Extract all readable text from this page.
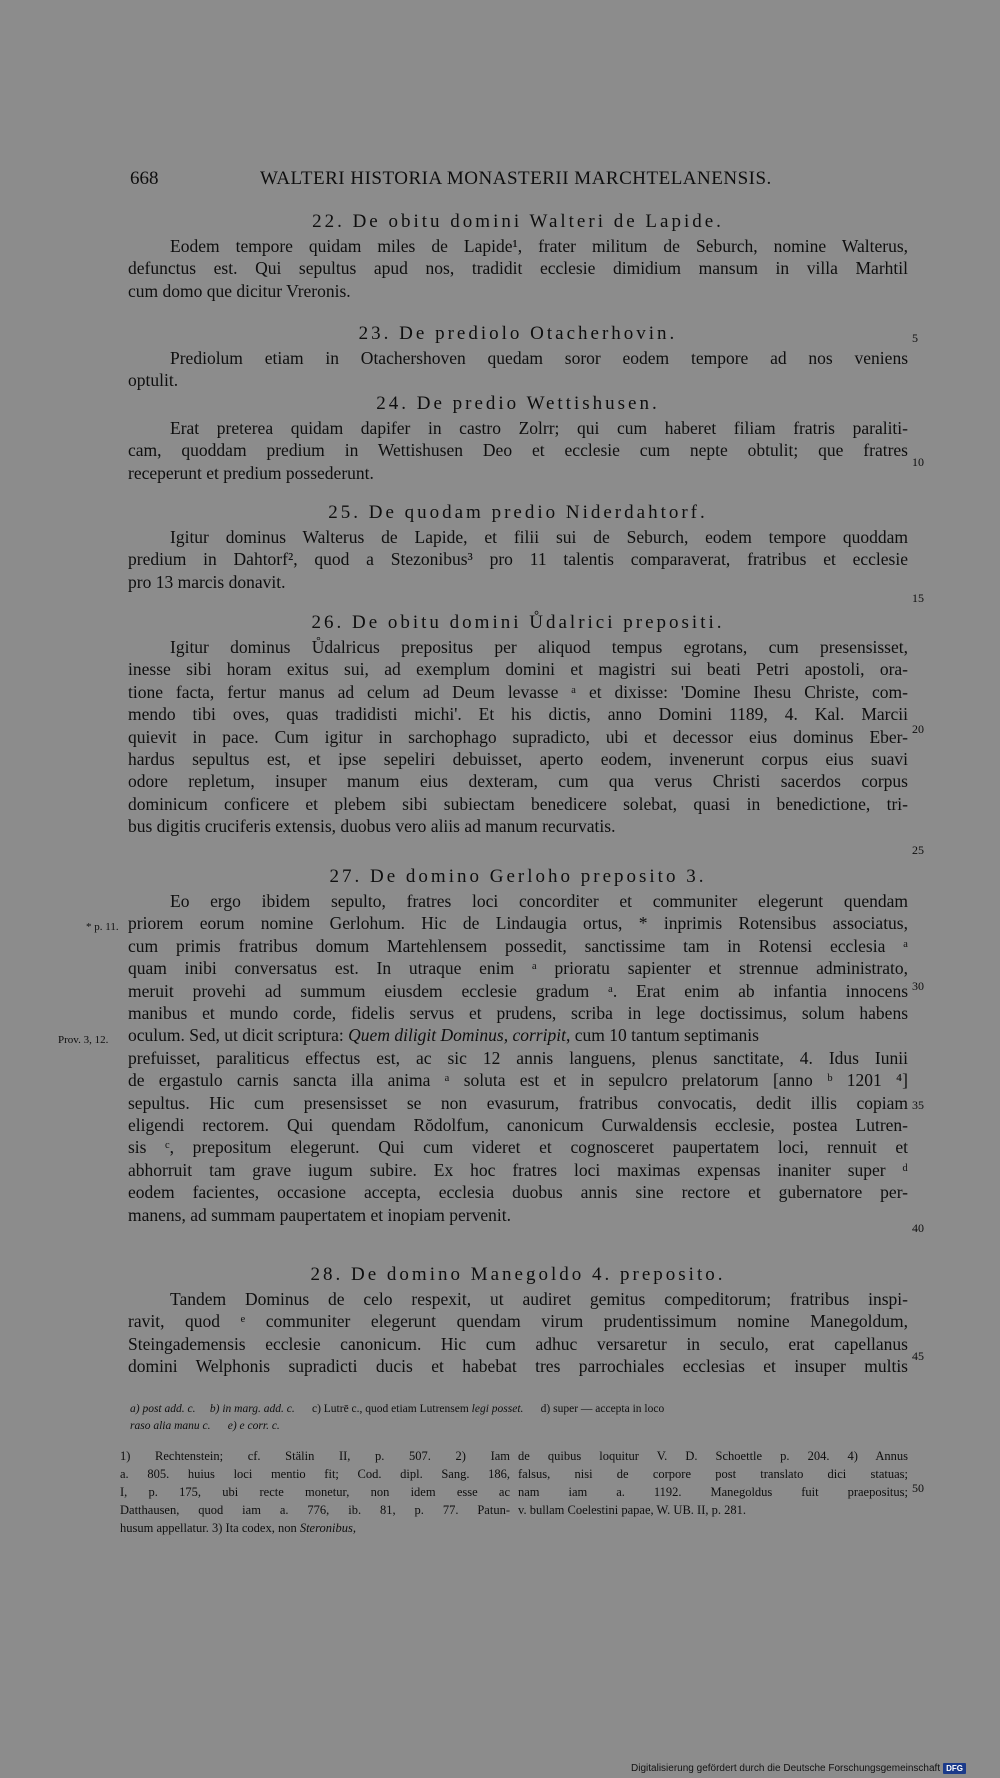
668	WALTERI HISTORIA MONASTERII MARCHTELANENSIS.
22. De obitu domini Walteri de Lapide.
Eodem tempore quidam miles de Lapide¹, frater militum de Seburch, nomine Walterus,
defunctus est. Qui sepultus apud nos, tradidit ecclesie dimidium mansum in villa Marhtil
cum domo que dicitur Vreronis.
23. De prediolo Otacherhovin.
Prediolum etiam in Otachershoven quedam soror eodem tempore ad nos veniens
optulit.
24. De predio Wettishusen.
Erat preterea quidam dapifer in castro Zolrr; qui cum haberet filiam fratris paraliti-
cam, quoddam predium in Wettishusen Deo et ecclesie cum nepte obtulit; que fratres
receperunt et predium possederunt.
25. De quodam predio Niderdahtorf.
Igitur dominus Walterus de Lapide, et filii sui de Seburch, eodem tempore quoddam
predium in Dahtorf², quod a Stezonibus³ pro 11 talentis comparaverat, fratribus et ecclesie
pro 13 marcis donavit.
26. De obitu domini Ůdalrici prepositi.
Igitur dominus Ůdalricus prepositus per aliquod tempus egrotans, cum presensisset,
inesse sibi horam exitus sui, ad exemplum domini et magistri sui beati Petri apostoli, ora-
tione facta, fertur manus ad celum ad Deum levasse ᵃ et dixisse: 'Domine Ihesu Christe, com-
mendo tibi oves, quas tradidisti michi'. Et his dictis, anno Domini 1189, 4. Kal. Marcii
quievit in pace. Cum igitur in sarchophago supradicto, ubi et decessor eius dominus Eber-
hardus sepultus est, et ipse sepeliri debuisset, aperto eodem, invenerunt corpus eius suavi
odore repletum, insuper manum eius dexteram, cum qua verus Christi sacerdos corpus
dominicum conficere et plebem sibi subiectam benedicere solebat, quasi in benedictione, tri-
bus digitis cruciferis extensis, duobus vero aliis ad manum recurvatis.
27. De domino Gerloho preposito 3.
Eo ergo ibidem sepulto, fratres loci concorditer et communiter elegerunt quendam
priorem eorum nomine Gerlohum. Hic de Lindaugia ortus, * inprimis Rotensibus associatus,
cum primis fratribus domum Martehlensem possedit, sanctissime tam in Rotensi ecclesia ᵃ
quam inibi conversatus est. In utraque enim ᵃ prioratu sapienter et strennue administrato,
meruit provehi ad summum eiusdem ecclesie gradum ᵃ. Erat enim ab infantia innocens
manibus et mundo corde, fidelis servus et prudens, scriba in lege doctissimus, solum habens
oculum. Sed, ut dicit scriptura: Quem diligit Dominus, corripit, cum 10 tantum septimanis
prefuisset, paraliticus effectus est, ac sic 12 annis languens, plenus sanctitate, 4. Idus Iunii
de ergastulo carnis sancta illa anima ᵃ soluta est et in sepulcro prelatorum [anno ᵇ 1201 ⁴]
sepultus. Hic cum presensisset se non evasurum, fratribus convocatis, dedit illis copiam
eligendi rectorem. Qui quendam Rŏdolfum, canonicum Curwaldensis ecclesie, postea Lutren-
sis ᶜ, prepositum elegerunt. Qui cum videret et cognosceret paupertatem loci, rennuit et
abhorruit tam grave iugum subire. Ex hoc fratres loci maximas expensas inaniter super ᵈ
eodem facientes, occasione accepta, ecclesia duobus annis sine rectore et gubernatore per-
manens, ad summam paupertatem et inopiam pervenit.
28. De domino Manegoldo 4. preposito.
Tandem Dominus de celo respexit, ut audiret gemitus compeditorum; fratribus inspi-
ravit, quod ᵉ communiter elegerunt quendam virum prudentissimum nomine Manegoldum,
Steingademensis ecclesie canonicum. Hic cum adhuc versaretur in seculo, erat capellanus
domini Welphonis supradicti ducis et habebat tres parrochiales ecclesias et insuper multis
5
10
15
20
25
30
35
40
45
50
* p. 11.
Prov. 3, 12.
a) post add. c. b) in marg. add. c. c) Lutrē c., quod etiam Lutrensem legi posset. d) super — accepta in loco
raso alia manu c. e) e corr. c.
1) Rechtenstein; cf. Stälin II, p. 507. 2) Iam
a. 805. huius loci mentio fit; Cod. dipl. Sang. 186,
I, p. 175, ubi recte monetur, non idem esse ac
Datthausen, quod iam a. 776, ib. 81, p. 77. Patun-
husum appellatur. 3) Ita codex, non Steronibus,
de quibus loquitur V. D. Schoettle p. 204. 4) Annus
falsus, nisi de corpore post translato dici statuas;
nam iam a. 1192. Manegoldus fuit praepositus;
v. bullam Coelestini papae, W. UB. II, p. 281.
Digitalisierung gefördert durch die Deutsche Forschungsgemeinschaft DFG
